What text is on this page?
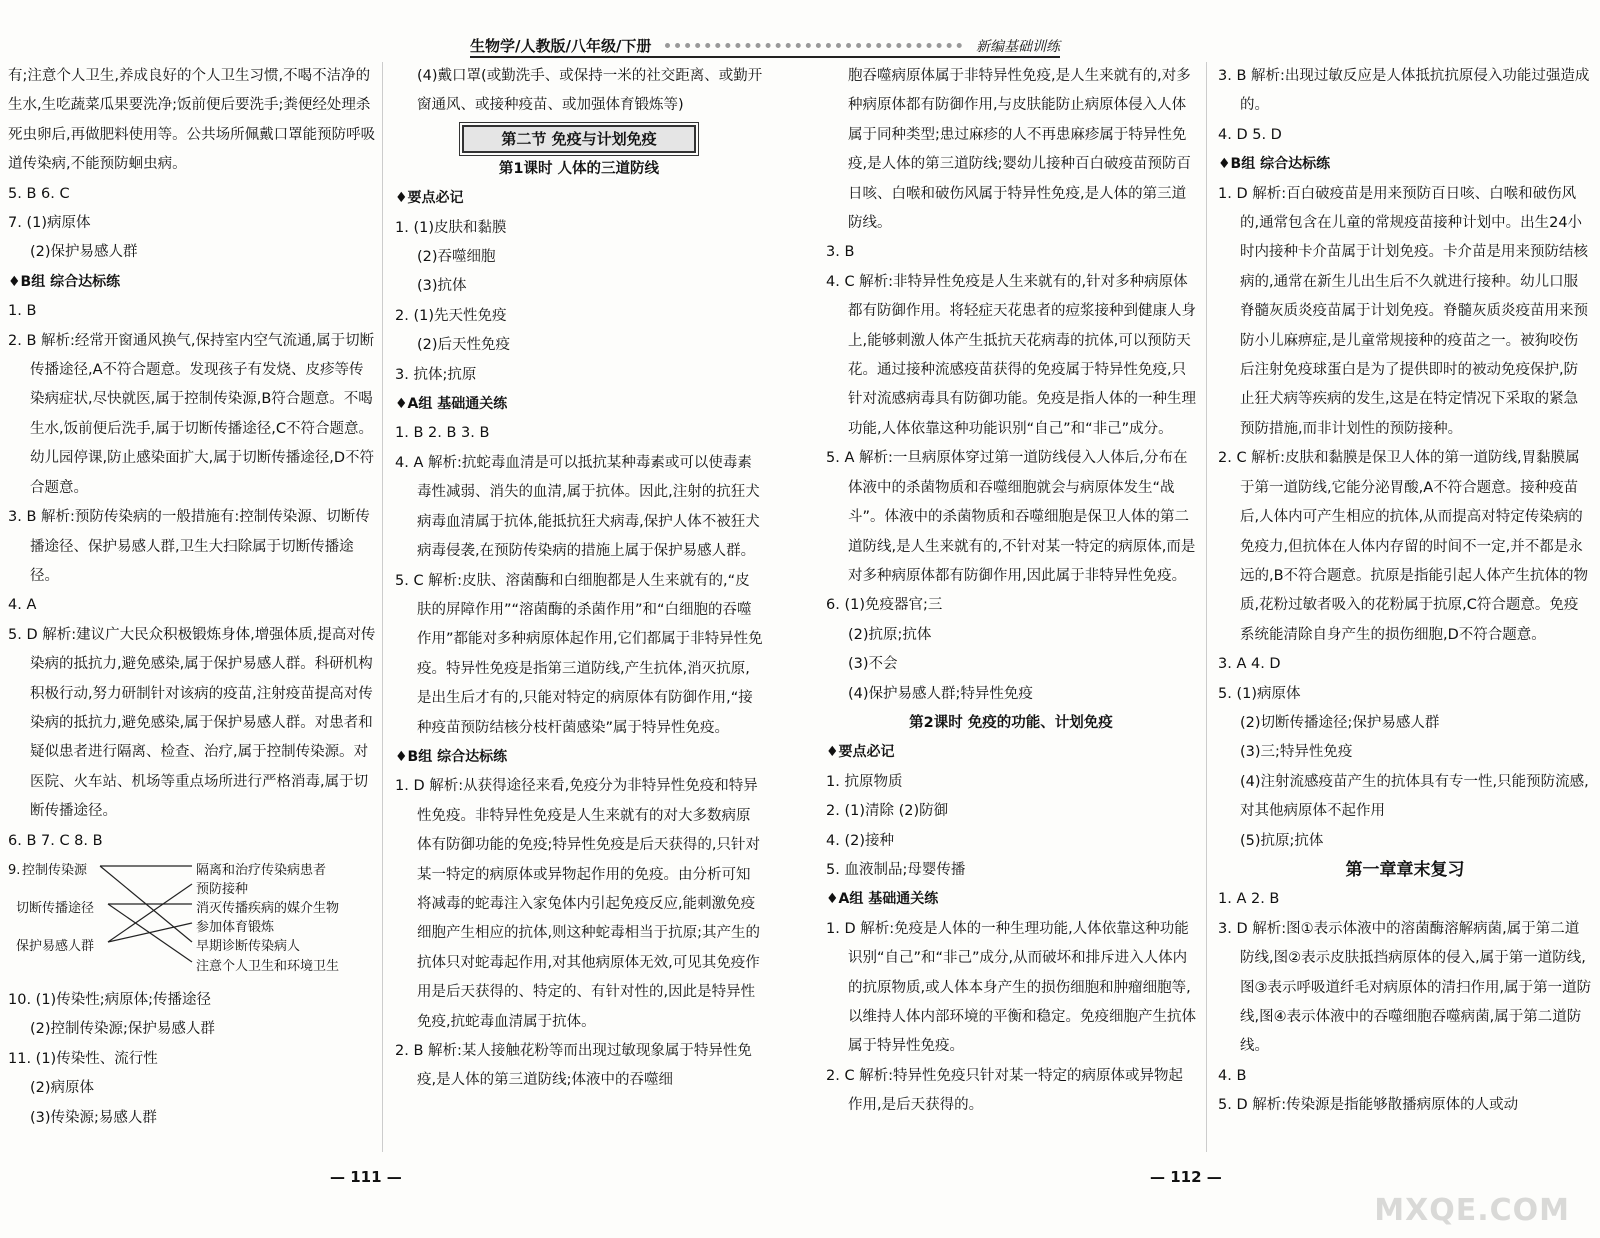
生物学/人教版/八年级/下册	新编基础训练

有;注意个人卫生,养成良好的个人卫生习惯,不喝不洁净的生水,生吃蔬菜瓜果要洗净;饭前便后要洗手;粪便经处理杀死虫卵后,再做肥料使用等。公共场所佩戴口罩能预防呼吸道传染病,不能预防蛔虫病。

5. B 6. C

7. (1)病原体

(2)保护易感人群

♦B组 综合达标练

1. B

2. B 解析:经常开窗通风换气,保持室内空气流通,属于切断传播途径,A不符合题意。发现孩子有发烧、皮疹等传染病症状,尽快就医,属于控制传染源,B符合题意。不喝生水,饭前便后洗手,属于切断传播途径,C不符合题意。幼儿园停课,防止感染面扩大,属于切断传播途径,D不符合题意。

3. B 解析:预防传染病的一般措施有:控制传染源、切断传播途径、保护易感人群,卫生大扫除属于切断传播途径。

4. A

5. D 解析:建议广大民众积极锻炼身体,增强体质,提高对传染病的抵抗力,避免感染,属于保护易感人群。科研机构积极行动,努力研制针对该病的疫苗,注射疫苗提高对传染病的抵抗力,避免感染,属于保护易感人群。对患者和疑似患者进行隔离、检查、治疗,属于控制传染源。对医院、火车站、机场等重点场所进行严格消毒,属于切断传播途径。

6. B 7. C 8. B

9. 控制传染源
切断传播途径
保护易感人群
隔离和治疗传染病患者
预防接种
消灭传播疾病的媒介生物
参加体育锻炼
早期诊断传染病人
注意个人卫生和环境卫生

10. (1)传染性;病原体;传播途径

(2)控制传染源;保护易感人群

11. (1)传染性、流行性

(2)病原体

(3)传染源;易感人群

(4)戴口罩(或勤洗手、或保持一米的社交距离、或勤开窗通风、或接种疫苗、或加强体育锻炼等)

第二节 免疫与计划免疫

第1课时 人体的三道防线

♦要点必记

1. (1)皮肤和黏膜

(2)吞噬细胞

(3)抗体

2. (1)先天性免疫

(2)后天性免疫

3. 抗体;抗原

♦A组 基础通关练

1. B 2. B 3. B

4. A 解析:抗蛇毒血清是可以抵抗某种毒素或可以使毒素毒性减弱、消失的血清,属于抗体。因此,注射的抗狂犬病毒血清属于抗体,能抵抗狂犬病毒,保护人体不被狂犬病毒侵袭,在预防传染病的措施上属于保护易感人群。

5. C 解析:皮肤、溶菌酶和白细胞都是人生来就有的,“皮肤的屏障作用”“溶菌酶的杀菌作用”和“白细胞的吞噬作用”都能对多种病原体起作用,它们都属于非特异性免疫。特异性免疫是指第三道防线,产生抗体,消灭抗原,是出生后才有的,只能对特定的病原体有防御作用,“接种疫苗预防结核分枝杆菌感染”属于特异性免疫。

♦B组 综合达标练

1. D 解析:从获得途径来看,免疫分为非特异性免疫和特异性免疫。非特异性免疫是人生来就有的对大多数病原体有防御功能的免疫;特异性免疫是后天获得的,只针对某一特定的病原体或异物起作用的免疫。由分析可知将减毒的蛇毒注入家兔体内引起免疫反应,能刺激免疫细胞产生相应的抗体,则这种蛇毒相当于抗原;其产生的抗体只对蛇毒起作用,对其他病原体无效,可见其免疫作用是后天获得的、特定的、有针对性的,因此是特异性免疫,抗蛇毒血清属于抗体。

2. B 解析:某人接触花粉等而出现过敏现象属于特异性免疫,是人体的第三道防线;体液中的吞噬细

胞吞噬病原体属于非特异性免疫,是人生来就有的,对多种病原体都有防御作用,与皮肤能防止病原体侵入人体属于同种类型;患过麻疹的人不再患麻疹属于特异性免疫,是人体的第三道防线;婴幼儿接种百白破疫苗预防百日咳、白喉和破伤风属于特异性免疫,是人体的第三道防线。

3. B

4. C 解析:非特异性免疫是人生来就有的,针对多种病原体都有防御作用。将轻症天花患者的痘浆接种到健康人身上,能够刺激人体产生抵抗天花病毒的抗体,可以预防天花。通过接种流感疫苗获得的免疫属于特异性免疫,只针对流感病毒具有防御功能。免疫是指人体的一种生理功能,人体依靠这种功能识别“自己”和“非己”成分。

5. A 解析:一旦病原体穿过第一道防线侵入人体后,分布在体液中的杀菌物质和吞噬细胞就会与病原体发生“战斗”。体液中的杀菌物质和吞噬细胞是保卫人体的第二道防线,是人生来就有的,不针对某一特定的病原体,而是对多种病原体都有防御作用,因此属于非特异性免疫。

6. (1)免疫器官;三

(2)抗原;抗体

(3)不会

(4)保护易感人群;特异性免疫

第2课时 免疫的功能、计划免疫

♦要点必记

1. 抗原物质

2. (1)清除 (2)防御

4. (2)接种

5. 血液制品;母婴传播

♦A组 基础通关练

1. D 解析:免疫是人体的一种生理功能,人体依靠这种功能识别“自己”和“非己”成分,从而破坏和排斥进入人体内的抗原物质,或人体本身产生的损伤细胞和肿瘤细胞等,以维持人体内部环境的平衡和稳定。免疫细胞产生抗体属于特异性免疫。

2. C 解析:特异性免疫只针对某一特定的病原体或异物起作用,是后天获得的。

3. B 解析:出现过敏反应是人体抵抗抗原侵入功能过强造成的。

4. D 5. D

♦B组 综合达标练

1. D 解析:百白破疫苗是用来预防百日咳、白喉和破伤风的,通常包含在儿童的常规疫苗接种计划中。出生24小时内接种卡介苗属于计划免疫。卡介苗是用来预防结核病的,通常在新生儿出生后不久就进行接种。幼儿口服脊髓灰质炎疫苗属于计划免疫。脊髓灰质炎疫苗用来预防小儿麻痹症,是儿童常规接种的疫苗之一。被狗咬伤后注射免疫球蛋白是为了提供即时的被动免疫保护,防止狂犬病等疾病的发生,这是在特定情况下采取的紧急预防措施,而非计划性的预防接种。

2. C 解析:皮肤和黏膜是保卫人体的第一道防线,胃黏膜属于第一道防线,它能分泌胃酸,A不符合题意。接种疫苗后,人体内可产生相应的抗体,从而提高对特定传染病的免疫力,但抗体在人体内存留的时间不一定,并不都是永远的,B不符合题意。抗原是指能引起人体产生抗体的物质,花粉过敏者吸入的花粉属于抗原,C符合题意。免疫系统能清除自身产生的损伤细胞,D不符合题意。

3. A 4. D

5. (1)病原体

(2)切断传播途径;保护易感人群

(3)三;特异性免疫

(4)注射流感疫苗产生的抗体具有专一性,只能预防流感,对其他病原体不起作用

(5)抗原;抗体

第一章章末复习

1. A 2. B

3. D 解析:图①表示体液中的溶菌酶溶解病菌,属于第二道防线,图②表示皮肤抵挡病原体的侵入,属于第一道防线,图③表示呼吸道纤毛对病原体的清扫作用,属于第一道防线,图④表示体液中的吞噬细胞吞噬病菌,属于第二道防线。

4. B

5. D 解析:传染源是指能够散播病原体的人或动

— 111 —	— 112 —
MXQE.COM
